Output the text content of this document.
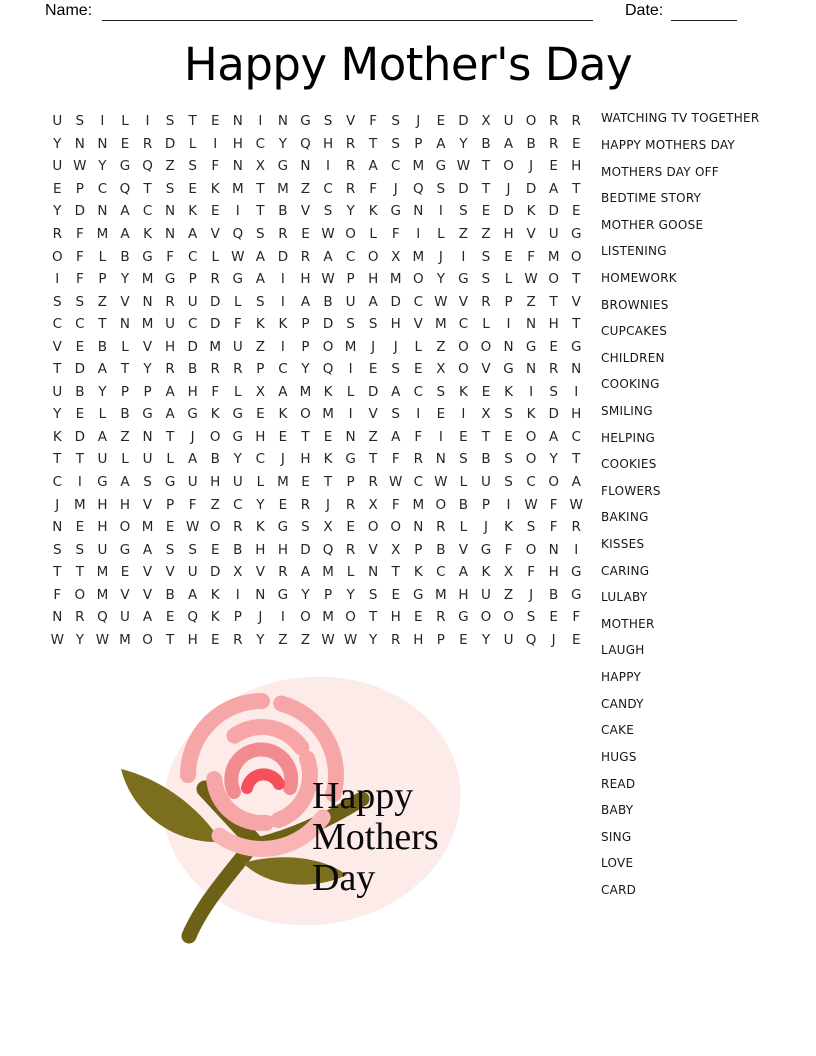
Name:	Date:
Happy Mother's Day
U S	I	L	I	S	T	E N	I	N G S	V	F	S	J	E D X U O R R
Y N N E	R D	L	I	H C	Y Q H R	T	S	P	A	Y	B A B R	E
U W Y G Q Z	S	F	N X G N	I	R A C M G W T O	J	E H
E	P	C Q T	S	E	K M T M Z C R	F	J	Q S D T	J	D A	T
Y D N A C N K	E	I	T	B V	S	Y	K G N	I	S	E D K D E
R	F M A	K N A V Q S	R	E W O L	F	I	L	Z Z H V U G
O F	L	B G F	C	L W A D R A C O X M	J	I	S	E	F M O
I	F	P	Y M G P	R G A	I	H W P H M O Y G S	L W O T
S	S	Z V N R U D	L	S	I	A B U A D C W V R	P	Z	T	V
C C	T N M U C D F	K	K	P D S	S H V M C	L	I	N H T
V	E	B	L	V H D M U Z	I	P O M	J	J	L	Z O O N G E G
T D A	T	Y	R B R R	P	C	Y Q	I	E	S	E	X O V G N R N
U B	Y	P	P	A H	F	L	X A M K	L	D A C	S	K	E	K	I	S	I
Y	E	L	B G A G K G E	K O M	I	V	S	I	E	I	X	S	K D H
K D A Z N T	J	O G H E	T	E N Z A	F	I	E	T	E O A C
T	T U	L	U	L	A B	Y	C	J	H K G T	F	R N S	B	S O Y	T
C	I	G A	S G U H U	L M E	T	P	R W C W L	U S	C O A
J	M H H V	P	F	Z C	Y	E	R	J	R X	F M O B	P	I	W F W
N E H O M E W O R K G S	X	E O O N R	L	J	K	S	F	R
S	S U G A	S	S	E	B H H D Q R V X	P	B V G F O N	I
T	T M E	V V U D X V R A M L	N T	K C A	K	X	F	H G
F O M V V B A	K	I	N G Y	P	Y	S	E G M H U Z	J	B G
N R Q U A	E Q K	P	J	I	O M O T H E	R G O O S	E	F
W Y W M O T H E	R	Y	Z Z W W Y	R H P	E	Y U Q	J	E
WATCHING TV TOGETHER
HAPPY MOTHERS DAY
MOTHERS DAY OFF
BEDTIME STORY
MOTHER GOOSE
LISTENING
HOMEWORK
BROWNIES
CUPCAKES
CHILDREN
COOKING
SMILING
HELPING
COOKIES
FLOWERS
BAKING
KISSES
CARING
LULABY
MOTHER
LAUGH
HAPPY
CANDY
CAKE
HUGS
READ
BABY
SING
LOVE
CARD
Happy
Mothers
Day
